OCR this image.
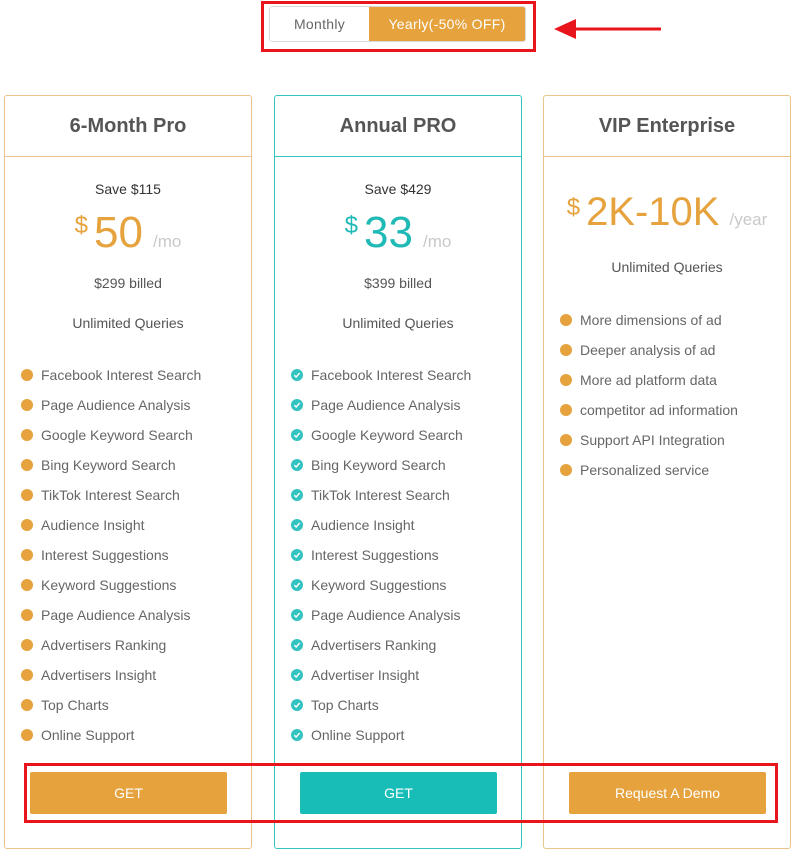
Monthly	Yearly(-50% OFF)
6-Month Pro
Save $115
$ 50 /mo
$299 billed
Unlimited Queries
Facebook Interest Search
Page Audience Analysis
Google Keyword Search
Bing Keyword Search
TikTok Interest Search
Audience Insight
Interest Suggestions
Keyword Suggestions
Page Audience Analysis
Advertisers Ranking
Advertisers Insight
Top Charts
Online Support
GET
Annual PRO
Save $429
$ 33 /mo
$399 billed
Unlimited Queries
Facebook Interest Search
Page Audience Analysis
Google Keyword Search
Bing Keyword Search
TikTok Interest Search
Audience Insight
Interest Suggestions
Keyword Suggestions
Page Audience Analysis
Advertisers Ranking
Advertiser Insight
Top Charts
Online Support
GET
VIP Enterprise
$ 2K-10K /year
Unlimited Queries
More dimensions of ad
Deeper analysis of ad
More ad platform data
competitor ad information
Support API Integration
Personalized service
Request A Demo
